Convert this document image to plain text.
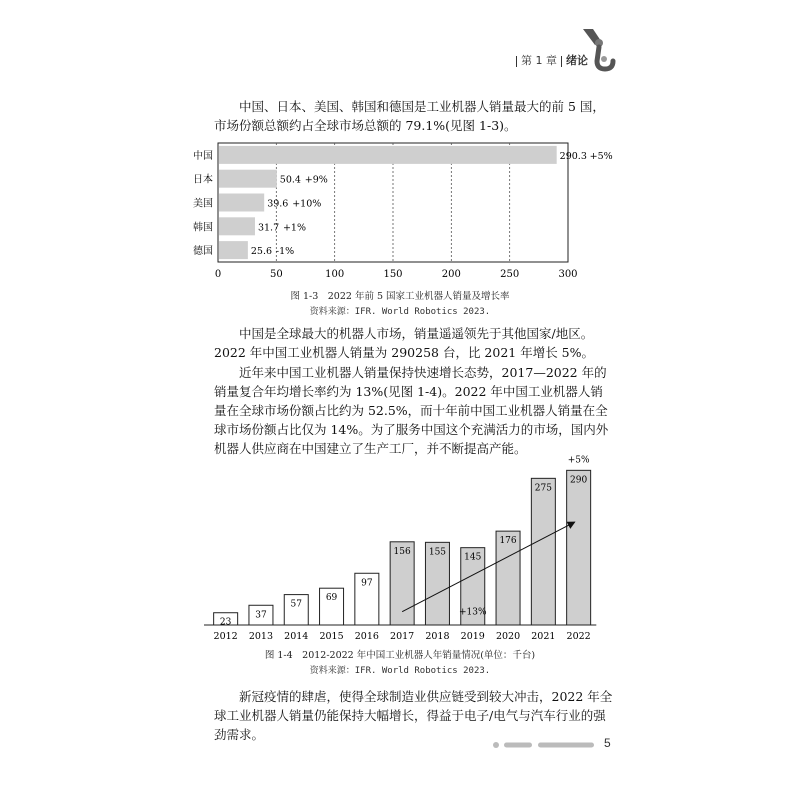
第 1 章 绪论

中国、日本、美国、韩国和德国是工业机器人销量最大的前 5 国，市场份额总额约占全球市场总额的 79.1%(见图 1-3)。

0	50	100	150	200	250	300
中国	290.3 +5%
日本	50.4 +9%
美国	39.6 +10%
韩国	31.7 +1%
德国	25.6 -1%
图 1-3　2022 年前 5 国家工业机器人销量及增长率
资料来源：IFR. World Robotics 2023.

中国是全球最大的机器人市场，销量遥遥领先于其他国家/地区。2022 年中国工业机器人销量为 290258 台，比 2021 年增长 5%。

近年来中国工业机器人销量保持快速增长态势，2017—2022 年的销量复合年均增长率约为 13%(见图 1-4)。2022 年中国工业机器人销量在全球市场份额占比约为 52.5%，而十年前中国工业机器人销量在全球市场份额占比仅为 14%。为了服务中国这个充满活力的市场，国内外机器人供应商在中国建立了生产工厂，并不断提高产能。

23
2012
37
2013
57
2014
69
2015
97
2016
156
2017
155
2018
145
2019
176
2020
275
2021
290
2022
+13%
+5%
图 1-4　2012-2022 年中国工业机器人年销量情况(单位：千台)
资料来源：IFR. World Robotics 2023.

新冠疫情的肆虐，使得全球制造业供应链受到较大冲击，2022 年全球工业机器人销量仍能保持大幅增长，得益于电子/电气与汽车行业的强劲需求。

5
